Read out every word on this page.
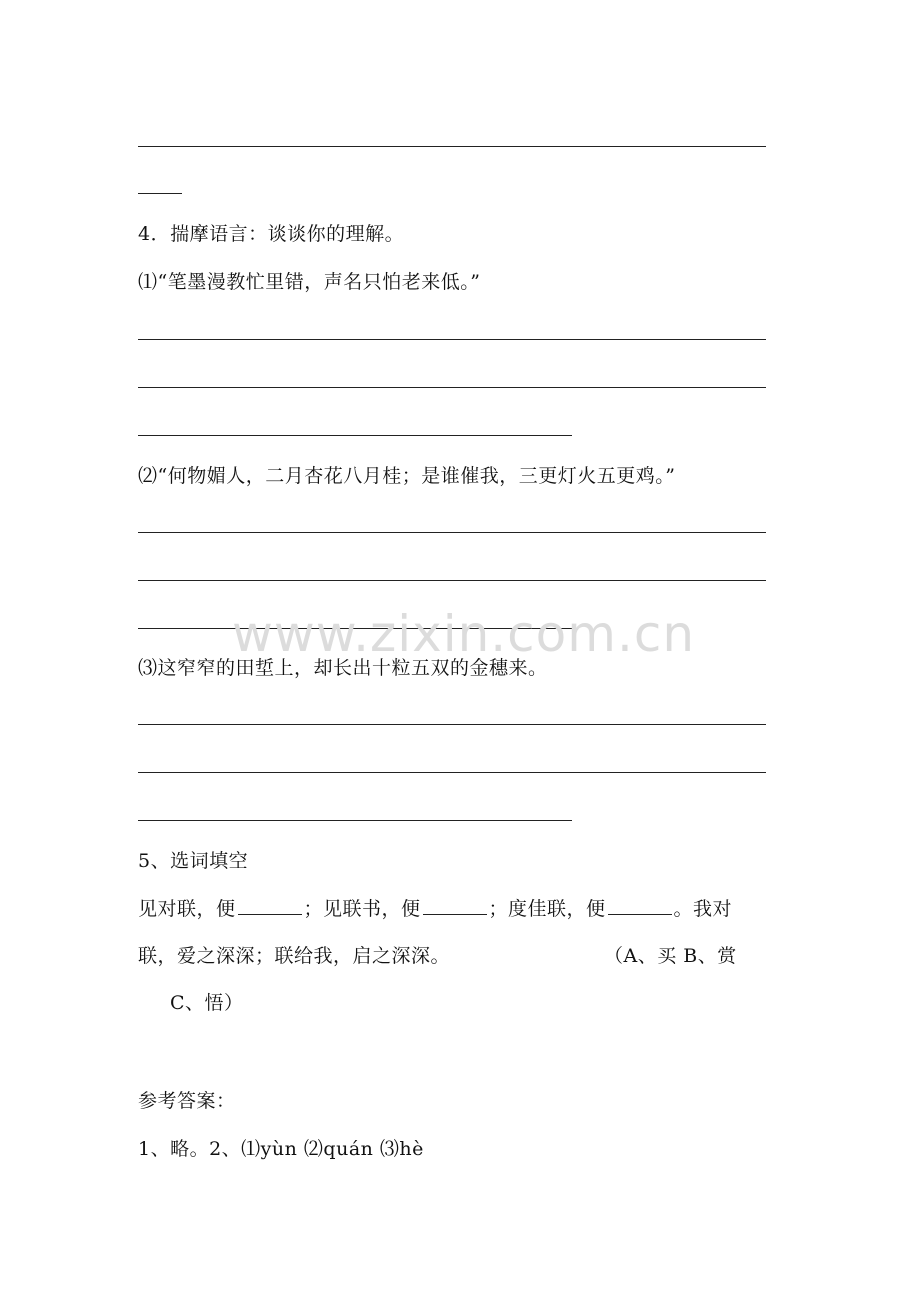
4．揣摩语言：谈谈你的理解。
⑴“笔墨漫教忙里错，声名只怕老来低。”
⑵“何物媚人，二月杏花八月桂；是谁催我，三更灯火五更鸡。”
⑶这窄窄的田埑上，却长出十粒五双的金穗来。
5、选词填空
见对联，便	；见联书，便	；度佳联，便	。我对
联，爱之深深；联给我，启之深深。	（A、买 B、赏
C、悟）
参考答案：
1、略。2、⑴yùn ⑵quán ⑶hè
www.zixin.com.cn
